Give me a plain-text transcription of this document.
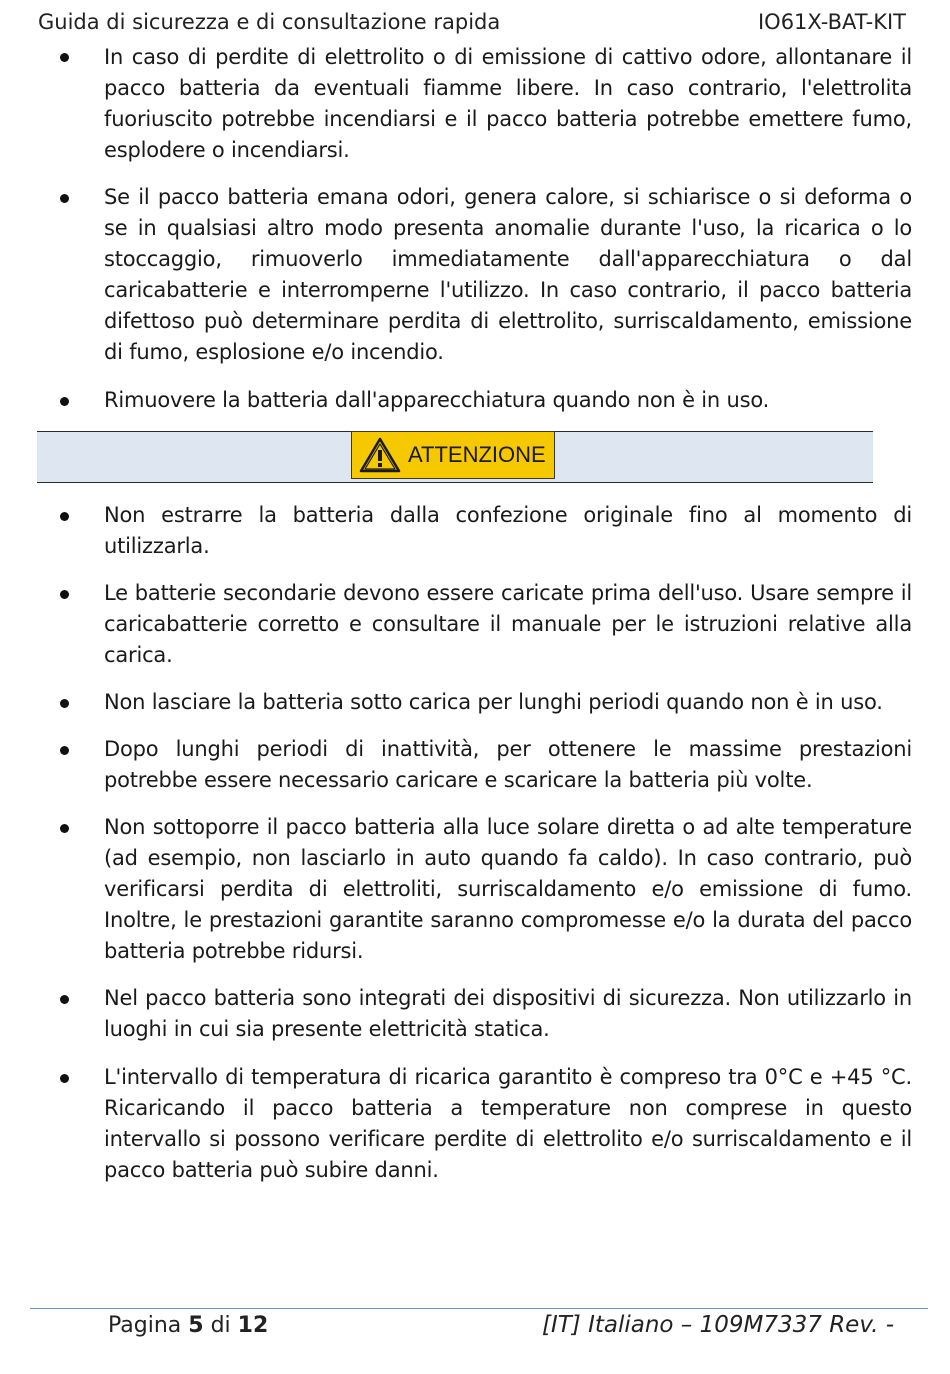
Guida di sicurezza e di consultazione rapida	IO61X-BAT-KIT
In caso di perdite di elettrolito o di emissione di cattivo odore, allontanare il pacco batteria da eventuali fiamme libere. In caso contrario, l'elettrolita fuoriuscito potrebbe incendiarsi e il pacco batteria potrebbe emettere fumo, esplodere o incendiarsi.
Se il pacco batteria emana odori, genera calore, si schiarisce o si deforma o se in qualsiasi altro modo presenta anomalie durante l'uso, la ricarica o lo stoccaggio, rimuoverlo immediatamente dall'apparecchiatura o dal caricabatterie e interromperne l'utilizzo. In caso contrario, il pacco batteria difettoso può determinare perdita di elettrolito, surriscaldamento, emissione di fumo, esplosione e/o incendio.
Rimuovere la batteria dall'apparecchiatura quando non è in uso.
ATTENZIONE
Non estrarre la batteria dalla confezione originale fino al momento di utilizzarla.
Le batterie secondarie devono essere caricate prima dell'uso. Usare sempre il caricabatterie corretto e consultare il manuale per le istruzioni relative alla carica.
Non lasciare la batteria sotto carica per lunghi periodi quando non è in uso.
Dopo lunghi periodi di inattività, per ottenere le massime prestazioni potrebbe essere necessario caricare e scaricare la batteria più volte.
Non sottoporre il pacco batteria alla luce solare diretta o ad alte temperature (ad esempio, non lasciarlo in auto quando fa caldo). In caso contrario, può verificarsi perdita di elettroliti, surriscaldamento e/o emissione di fumo. Inoltre, le prestazioni garantite saranno compromesse e/o la durata del pacco batteria potrebbe ridursi.
Nel pacco batteria sono integrati dei dispositivi di sicurezza. Non utilizzarlo in luoghi in cui sia presente elettricità statica.
L'intervallo di temperatura di ricarica garantito è compreso tra 0°C e +45 °C. Ricaricando il pacco batteria a temperature non comprese in questo intervallo si possono verificare perdite di elettrolito e/o surriscaldamento e il pacco batteria può subire danni.
Pagina 5 di 12	[IT] Italiano – 109M7337 Rev. -
